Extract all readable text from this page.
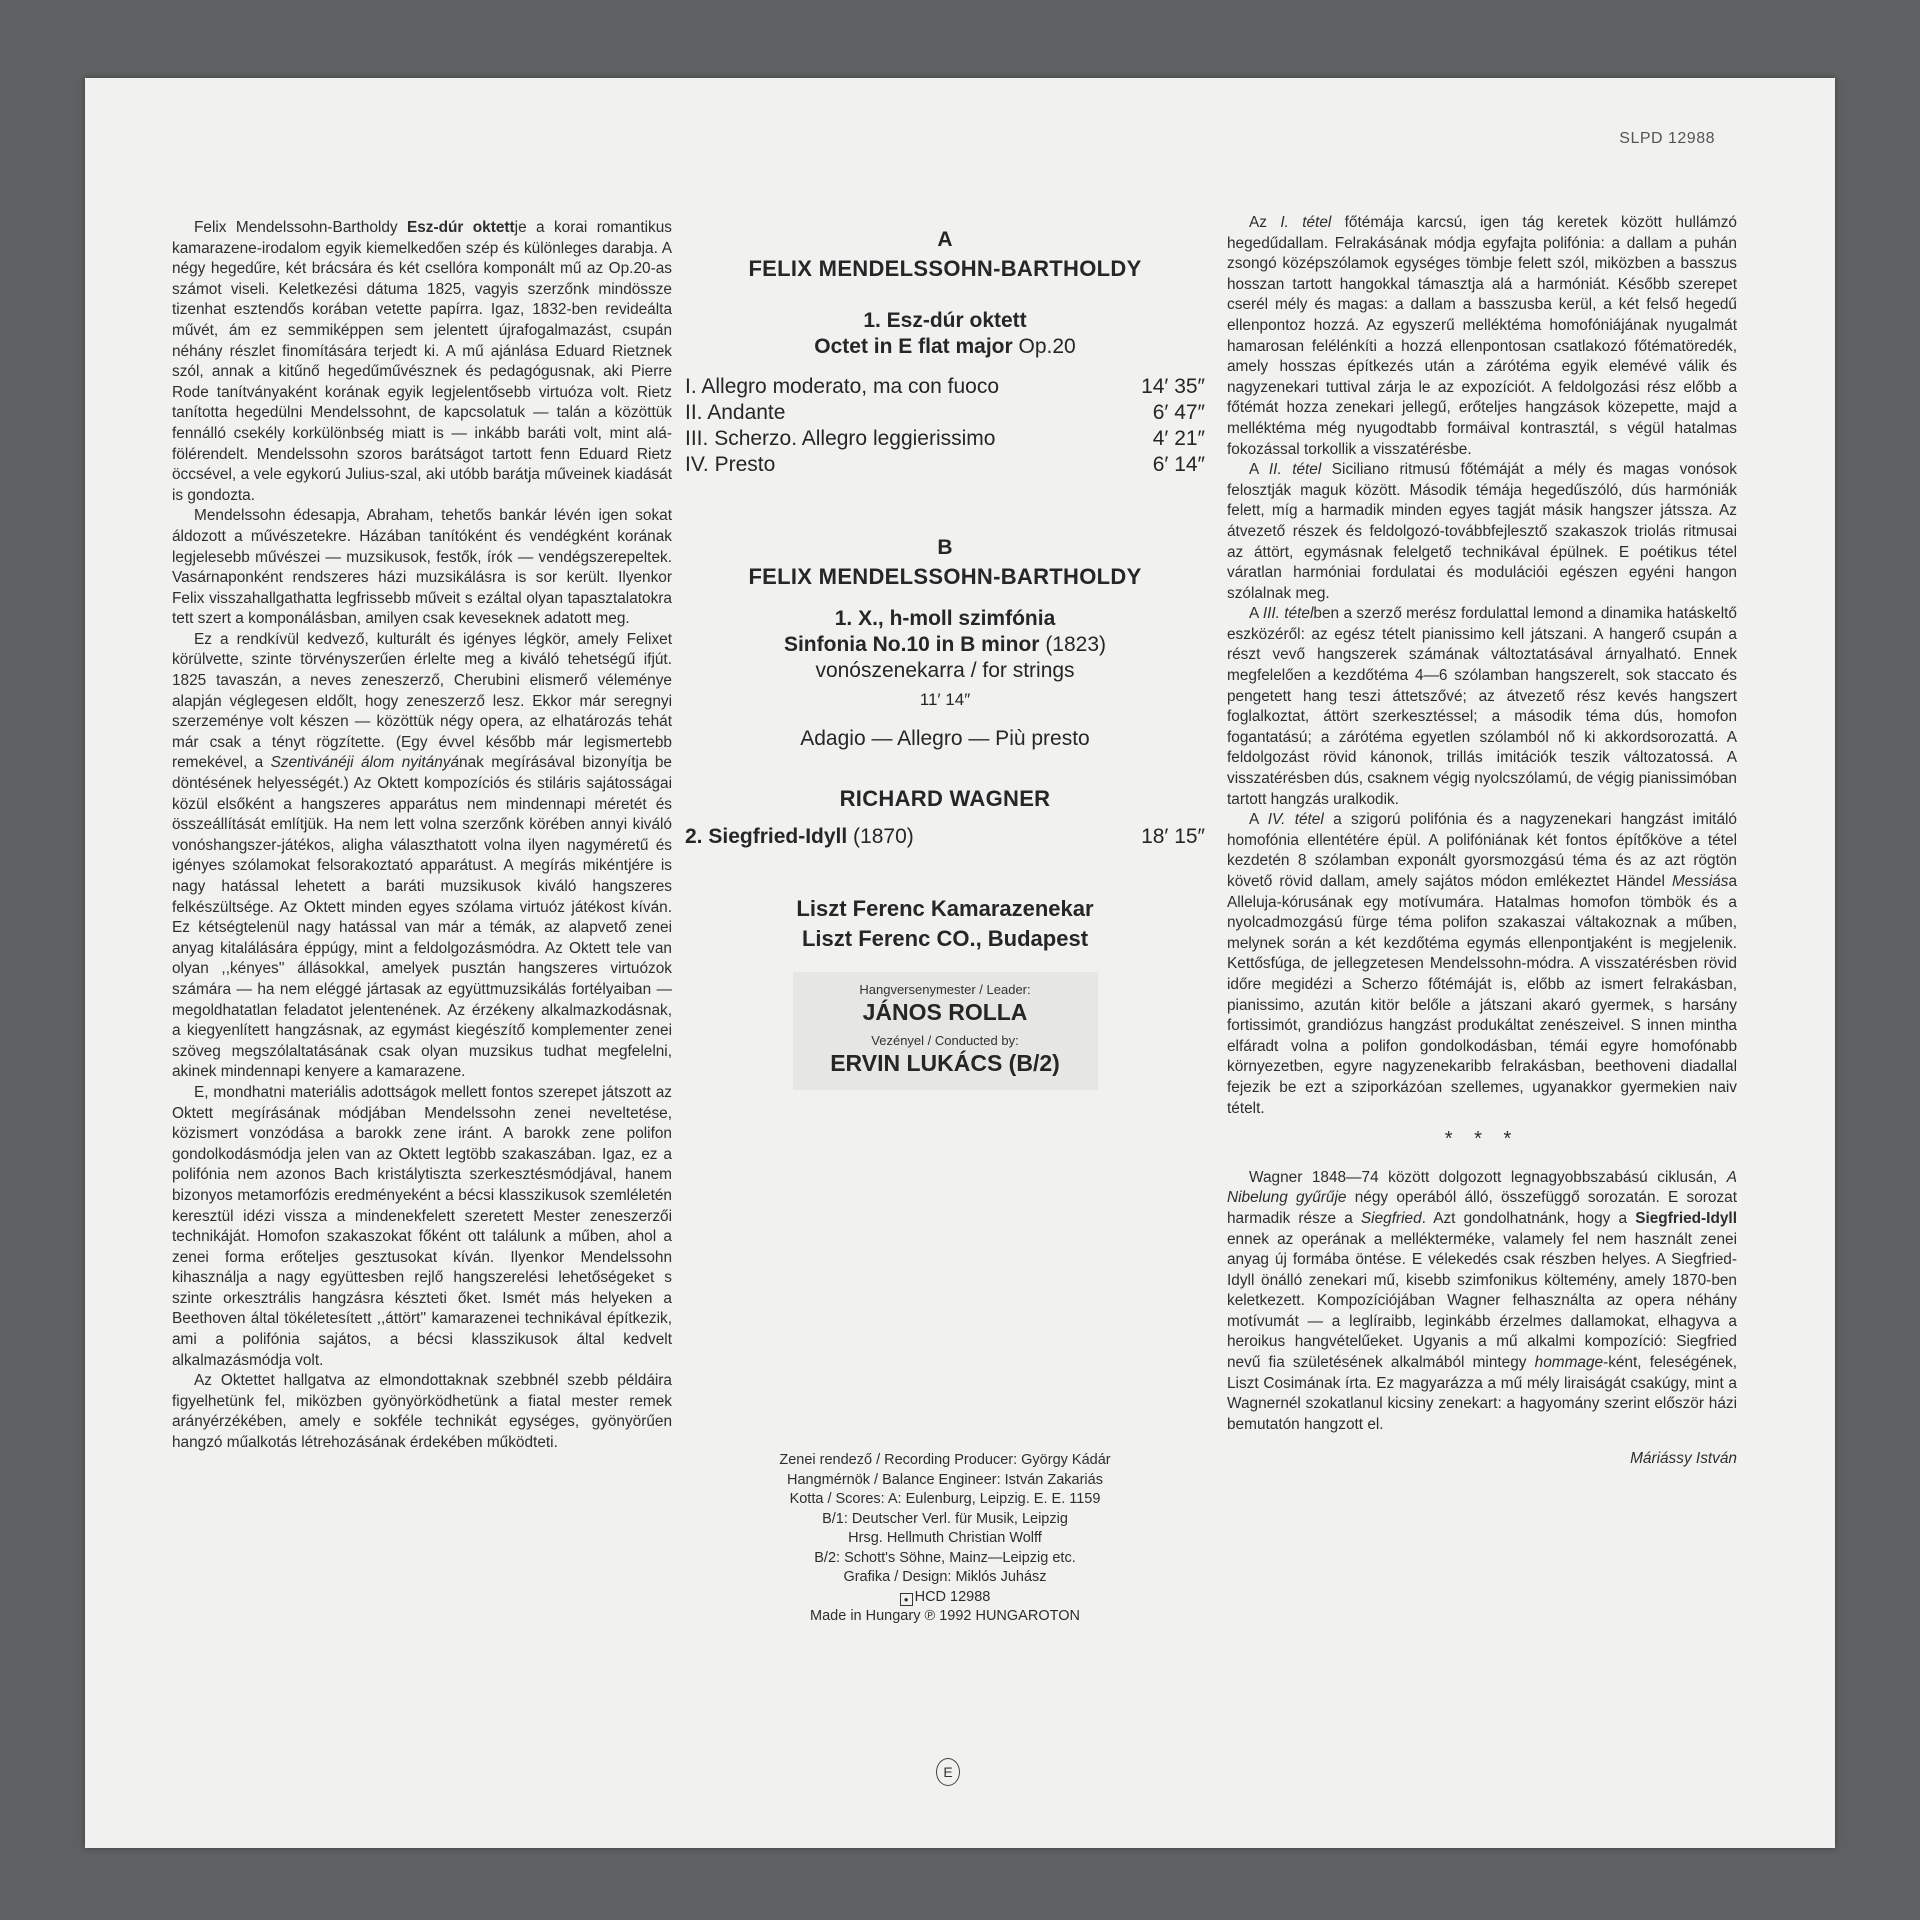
SLPD 12988

Felix Mendelssohn-Bartholdy Esz-dúr oktettje a korai romantikus kamarazene-irodalom egyik kiemelkedően szép és különleges darabja. A négy hegedűre, két brácsára és két csellóra komponált mű az Op.20-as számot viseli. Keletkezési dátuma 1825, vagyis szerzőnk mindössze tizenhat esztendős korában vetette papírra. Igaz, 1832-ben revideálta művét, ám ez semmiképpen sem jelentett újrafogalmazást, csupán néhány részlet finomítására terjedt ki. A mű ajánlása Eduard Rietznek szól, annak a kitűnő hegedűművésznek és pedagógusnak, aki Pierre Rode tanítványaként korának egyik legjelentősebb virtuóza volt. Rietz tanította hegedülni Mendelssohnt, de kapcsolatuk — talán a közöttük fennálló csekély korkülönbség miatt is — inkább baráti volt, mint alá-fölérendelt. Mendelssohn szoros barátságot tartott fenn Eduard Rietz öccsével, a vele egykorú Julius-szal, aki utóbb barátja műveinek kiadását is gondozta.

Mendelssohn édesapja, Abraham, tehetős bankár lévén igen sokat áldozott a művészetekre. Házában tanítóként és vendégként korának legjelesebb művészei — muzsikusok, festők, írók — vendégszerepeltek. Vasárnaponként rendszeres házi muzsikálásra is sor került. Ilyenkor Felix visszahallgathatta legfrissebb műveit s ezáltal olyan tapasztalatokra tett szert a komponálásban, amilyen csak keveseknek adatott meg.

Ez a rendkívül kedvező, kulturált és igényes légkör, amely Felixet körülvette, szinte törvényszerűen érlelte meg a kiváló tehetségű ifjút. 1825 tavaszán, a neves zeneszerző, Cherubini elismerő véleménye alapján véglegesen eldőlt, hogy zeneszerző lesz. Ekkor már seregnyi szerzeménye volt készen — közöttük négy opera, az elhatározás tehát már csak a tényt rögzítette. (Egy évvel később már legismertebb remekével, a Szentivánéji álom nyitányának megírásával bizonyítja be döntésének helyességét.) Az Oktett kompozíciós és stiláris sajátosságai közül elsőként a hangszeres apparátus nem mindennapi méretét és összeállítását említjük. Ha nem lett volna szerzőnk körében annyi kiváló vonóshangszer-játékos, aligha választhatott volna ilyen nagyméretű és igényes szólamokat felsorakoztató apparátust. A megírás mikéntjére is nagy hatással lehetett a baráti muzsikusok kiváló hangszeres felkészültsége. Az Oktett minden egyes szólama virtuóz játékost kíván. Ez kétségtelenül nagy hatással van már a témák, az alapvető zenei anyag kitalálására éppúgy, mint a feldolgozásmódra. Az Oktett tele van olyan ,,kényes'' állásokkal, amelyek pusztán hangszeres virtuózok számára — ha nem eléggé jártasak az együttmuzsikálás fortélyaiban — megoldhatatlan feladatot jelentenének. Az érzékeny alkalmazkodásnak, a kiegyenlített hangzásnak, az egymást kiegészítő komplementer zenei szöveg megszólaltatásának csak olyan muzsikus tudhat megfelelni, akinek mindennapi kenyere a kamarazene.

E, mondhatni materiális adottságok mellett fontos szerepet játszott az Oktett megírásának módjában Mendelssohn zenei neveltetése, közismert vonzódása a barokk zene iránt. A barokk zene polifon gondolkodásmódja jelen van az Oktett legtöbb szakaszában. Igaz, ez a polifónia nem azonos Bach kristálytiszta szerkesztésmódjával, hanem bizonyos metamorfózis eredményeként a bécsi klasszikusok szemléletén keresztül idézi vissza a mindenekfelett szeretett Mester zeneszerzői technikáját. Homofon szakaszokat főként ott találunk a műben, ahol a zenei forma erőteljes gesztusokat kíván. Ilyenkor Mendelssohn kihasználja a nagy együttesben rejlő hangszerelési lehetőségeket s szinte orkesztrális hangzásra készteti őket. Ismét más helyeken a Beethoven által tökéletesített ,,áttört'' kamarazenei technikával építkezik, ami a polifónia sajátos, a bécsi klasszikusok által kedvelt alkalmazásmódja volt.

Az Oktettet hallgatva az elmondottaknak szebbnél szebb példáira figyelhetünk fel, miközben gyönyörködhetünk a fiatal mester remek arányérzékében, amely e sokféle technikát egységes, gyönyörűen hangzó műalkotás létrehozásának érdekében működteti.

A

FELIX MENDELSSOHN-BARTHOLDY

1. Esz-dúr oktett

Octet in E flat major Op.20

I. Allegro moderato, ma con fuoco	14′ 35″
II. Andante	6′ 47″
III. Scherzo. Allegro leggierissimo	4′ 21″
IV. Presto	6′ 14″

B

FELIX MENDELSSOHN-BARTHOLDY

1. X., h-moll szimfónia

Sinfonia No.10 in B minor (1823)

vonószenekarra / for strings

11′ 14″

Adagio — Allegro — Più presto

RICHARD WAGNER

2. Siegfried-Idyll (1870)	18′ 15″

Liszt Ferenc Kamarazenekar

Liszt Ferenc CO., Budapest

Hangversenymester / Leader:
JÁNOS ROLLA
Vezényel / Conducted by:
ERVIN LUKÁCS (B/2)
Zenei rendező / Recording Producer: György Kádár
Hangmérnök / Balance Engineer: István Zakariás
Kotta / Scores: A: Eulenburg, Leipzig. E. E. 1159
B/1: Deutscher Verl. für Musik, Leipzig
Hrsg. Hellmuth Christian Wolff
B/2: Schott's Söhne, Mainz—Leipzig etc.
Grafika / Design: Miklós Juhász
● HCD 12988
Made in Hungary ℗ 1992 HUNGAROTON

Az I. tétel főtémája karcsú, igen tág keretek között hullámzó hegedűdallam. Felrakásának módja egyfajta polifónia: a dallam a puhán zsongó középszólamok egységes tömbje felett szól, miközben a basszus hosszan tartott hangokkal támasztja alá a harmóniát. Később szerepet cserél mély és magas: a dallam a basszusba kerül, a két felső hegedű ellenpontoz hozzá. Az egyszerű melléktéma homofóniájának nyugalmát hamarosan felélénkíti a hozzá ellenpontosan csatlakozó főtématöredék, amely hosszas építkezés után a zárótéma egyik elemévé válik és nagyzenekari tuttival zárja le az expozíciót. A feldolgozási rész előbb a főtémát hozza zenekari jellegű, erőteljes hangzások közepette, majd a melléktéma még nyugodtabb formáival kontrasztál, s végül hatalmas fokozással torkollik a visszatérésbe.

A II. tétel Siciliano ritmusú főtémáját a mély és magas vonósok felosztják maguk között. Második témája hegedűszóló, dús harmóniák felett, míg a harmadik minden egyes tagját másik hangszer játssza. Az átvezető részek és feldolgozó-továbbfejlesztő szakaszok triolás ritmusai az áttört, egymásnak felelgető technikával épülnek. E poétikus tétel váratlan harmóniai fordulatai és modulációi egészen egyéni hangon szólalnak meg.

A III. tételben a szerző merész fordulattal lemond a dinamika hatáskeltő eszközéről: az egész tételt pianissimo kell játszani. A hangerő csupán a részt vevő hangszerek számának változtatásával árnyalható. Ennek megfelelően a kezdőtéma 4—6 szólamban hangszerelt, sok staccato és pengetett hang teszi áttetszővé; az átvezető rész kevés hangszert foglalkoztat, áttört szerkesztéssel; a második téma dús, homofon fogantatású; a zárótéma egyetlen szólamból nő ki akkordsorozattá. A feldolgozást rövid kánonok, trillás imitációk teszik változatossá. A visszatérésben dús, csaknem végig nyolcszólamú, de végig pianissimóban tartott hangzás uralkodik.

A IV. tétel a szigorú polifónia és a nagyzenekari hangzást imitáló homofónia ellentétére épül. A polifóniának két fontos építőköve a tétel kezdetén 8 szólamban exponált gyorsmozgású téma és az azt rögtön követő rövid dallam, amely sajátos módon emlékeztet Händel Messiása Alleluja-kórusának egy motívumára. Hatalmas homofon tömbök és a nyolcadmozgású fürge téma polifon szakaszai váltakoznak a műben, melynek során a két kezdőtéma egymás ellenpontjaként is megjelenik. Kettősfúga, de jellegzetesen Mendelssohn-módra. A visszatérésben rövid időre megidézi a Scherzo főtémáját is, előbb az ismert felrakásban, pianissimo, azután kitör belőle a játszani akaró gyermek, s harsány fortissimót, grandiózus hangzást produkáltat zenészeivel. S innen mintha elfáradt volna a polifon gondolkodásban, témái egyre homofónabb környezetben, egyre nagyzenekaribb felrakásban, beethoveni diadallal fejezik be ezt a sziporkázóan szellemes, ugyanakkor gyermekien naiv tételt.

* * *

Wagner 1848—74 között dolgozott legnagyobbszabású ciklusán, A Nibelung gyűrűje négy operából álló, összefüggő sorozatán. E sorozat harmadik része a Siegfried. Azt gondolhatnánk, hogy a Siegfried-Idyll ennek az operának a mellékterméke, valamely fel nem használt zenei anyag új formába öntése. E vélekedés csak részben helyes. A Siegfried-Idyll önálló zenekari mű, kisebb szimfonikus költemény, amely 1870-ben keletkezett. Kompozíciójában Wagner felhasználta az opera néhány motívumát — a leglíraibb, leginkább érzelmes dallamokat, elhagyva a heroikus hangvételűeket. Ugyanis a mű alkalmi kompozíció: Siegfried nevű fia születésének alkalmából mintegy hommage-ként, feleségének, Liszt Cosimának írta. Ez magyarázza a mű mély liraiságát csakúgy, mint a Wagnernél szokatlanul kicsiny zenekart: a hagyomány szerint először házi bemutatón hangzott el.

Máriássy István
E
